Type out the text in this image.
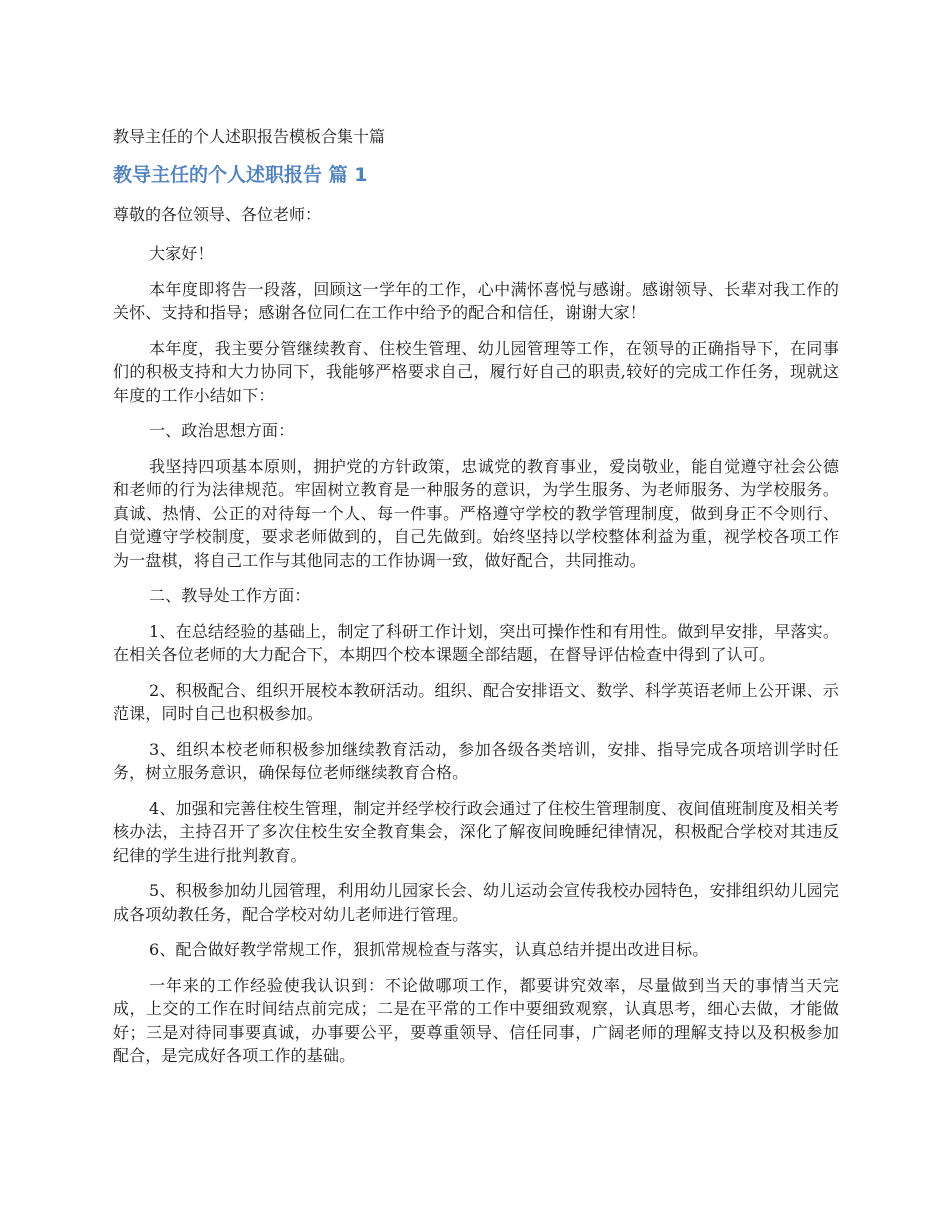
教导主任的个人述职报告模板合集十篇
教导主任的个人述职报告 篇 1
尊敬的各位领导、各位老师：

大家好！

本年度即将告一段落，回顾这一学年的工作，心中满怀喜悦与感谢。感谢领导、长辈对我工作的关怀、支持和指导；感谢各位同仁在工作中给予的配合和信任，谢谢大家！

本年度，我主要分管继续教育、住校生管理、幼儿园管理等工作，在领导的正确指导下，在同事们的积极支持和大力协同下，我能够严格要求自己，履行好自己的职责,较好的完成工作任务，现就这年度的工作小结如下：

一、政治思想方面：

我坚持四项基本原则，拥护党的方针政策，忠诚党的教育事业，爱岗敬业，能自觉遵守社会公德和老师的行为法律规范。牢固树立教育是一种服务的意识，为学生服务、为老师服务、为学校服务。真诚、热情、公正的对待每一个人、每一件事。严格遵守学校的教学管理制度，做到身正不令则行、自觉遵守学校制度，要求老师做到的，自己先做到。始终坚持以学校整体利益为重，视学校各项工作为一盘棋，将自己工作与其他同志的工作协调一致，做好配合，共同推动。

二、教导处工作方面：

1、在总结经验的基础上，制定了科研工作计划，突出可操作性和有用性。做到早安排，早落实。在相关各位老师的大力配合下，本期四个校本课题全部结题，在督导评估检查中得到了认可。

2、积极配合、组织开展校本教研活动。组织、配合安排语文、数学、科学英语老师上公开课、示范课，同时自己也积极参加。

3、组织本校老师积极参加继续教育活动，参加各级各类培训，安排、指导完成各项培训学时任务，树立服务意识，确保每位老师继续教育合格。

4、加强和完善住校生管理，制定并经学校行政会通过了住校生管理制度、夜间值班制度及相关考核办法，主持召开了多次住校生安全教育集会，深化了解夜间晚睡纪律情况，积极配合学校对其违反纪律的学生进行批判教育。

5、积极参加幼儿园管理，利用幼儿园家长会、幼儿运动会宣传我校办园特色，安排组织幼儿园完成各项幼教任务，配合学校对幼儿老师进行管理。

6、配合做好教学常规工作，狠抓常规检查与落实，认真总结并提出改进目标。

一年来的工作经验使我认识到：不论做哪项工作，都要讲究效率，尽量做到当天的事情当天完成，上交的工作在时间结点前完成；二是在平常的工作中要细致观察，认真思考，细心去做，才能做好；三是对待同事要真诚，办事要公平，要尊重领导、信任同事，广阔老师的理解支持以及积极参加配合，是完成好各项工作的基础。
